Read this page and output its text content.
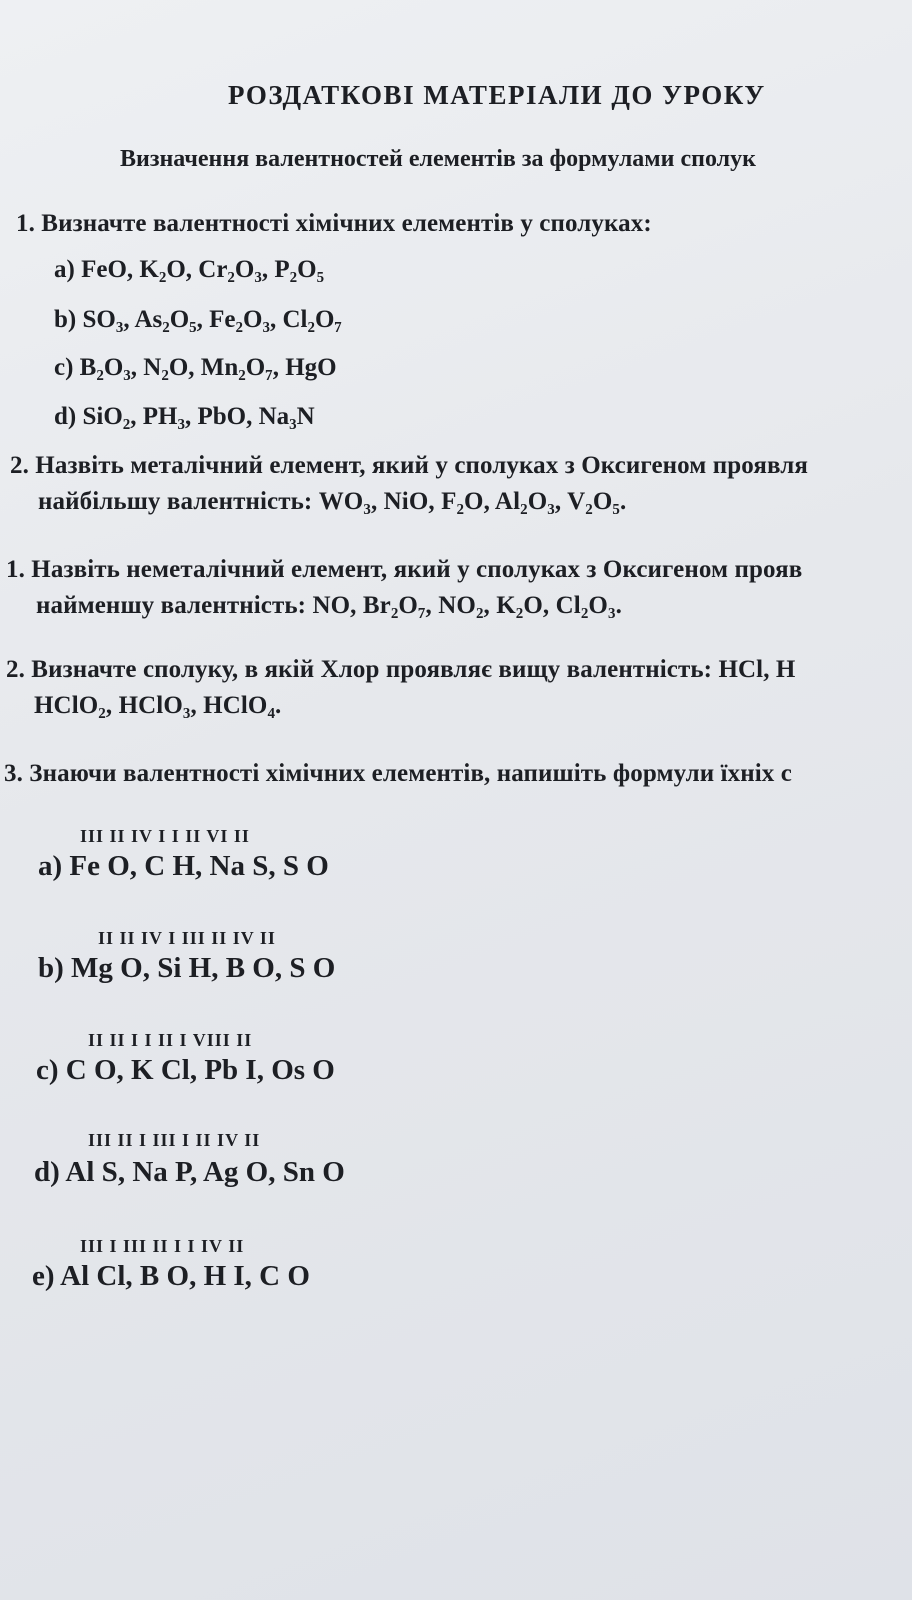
РОЗДАТКОВІ МАТЕРІАЛИ ДО УРОКУ
Визначення валентностей елементів за формулами сполук
1. Визначте валентності хімічних елементів у сполуках:
a) FeO, K₂O, Cr₂O₃, P₂O₅
b) SO₃, As₂O₅, Fe₂O₃, Cl₂O₇
c) B₂O₃, N₂O, Mn₂O₇, HgO
d) SiO₂, PH₃, PbO, Na₃N
2. Назвіть металічний елемент, який у сполуках з Оксигеном проявля
найбільшу валентність: WO₃, NiO, F₂O, Al₂O₃, V₂O₅.
1. Назвіть неметалічний елемент, який у сполуках з Оксигеном прояв
найменшу валентність: NO, Br₂O₇, NO₂, K₂O, Cl₂O₃.
2. Визначте сполуку, в якій Хлор проявляє вищу валентність: HCl, H
HClO₂, HClO₃, HClO₄.
3. Знаючи валентності хімічних елементів, напишіть формули їхніх с
III II IV I I II VI II
a) Fe O, C H, Na S, S O
II II IV I III II IV II
b) Mg O, Si H, B O, S O
II II I I II I VIII II
c) C O, K Cl, Pb I, Os O
III II I III I II IV II
d) Al S, Na P, Ag O, Sn O
III I III II I I IV II
e) Al Cl, B O, H I, C O
